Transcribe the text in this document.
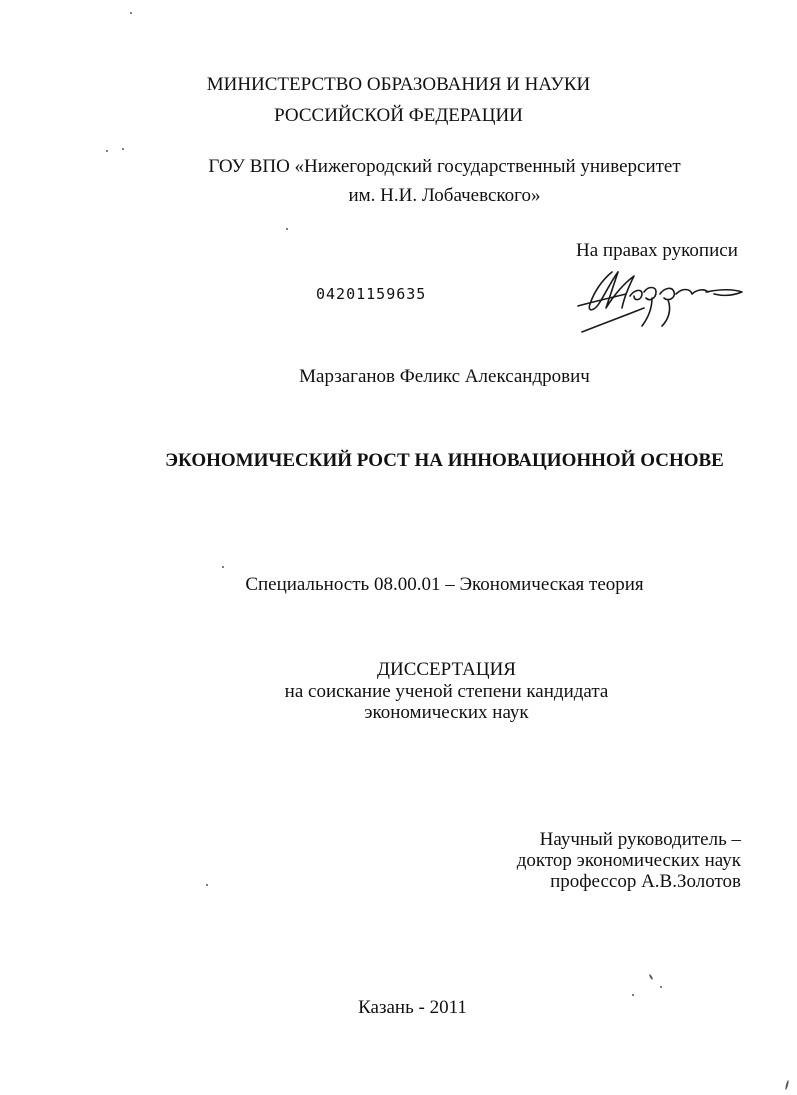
МИНИСТЕРСТВО ОБРАЗОВАНИЯ И НАУКИ
РОССИЙСКОЙ ФЕДЕРАЦИИ
ГОУ ВПО «Нижегородский государственный университет
им. Н.И. Лобачевского»
На правах рукописи
04201159635
Марзаганов Феликс Александрович
ЭКОНОМИЧЕСКИЙ РОСТ НА ИННОВАЦИОННОЙ ОСНОВЕ
Специальность 08.00.01 – Экономическая теория
ДИССЕРТАЦИЯ
на соискание ученой степени кандидата
экономических наук
Научный руководитель –
доктор экономических наук
профессор А.В.Золотов
Казань - 2011
